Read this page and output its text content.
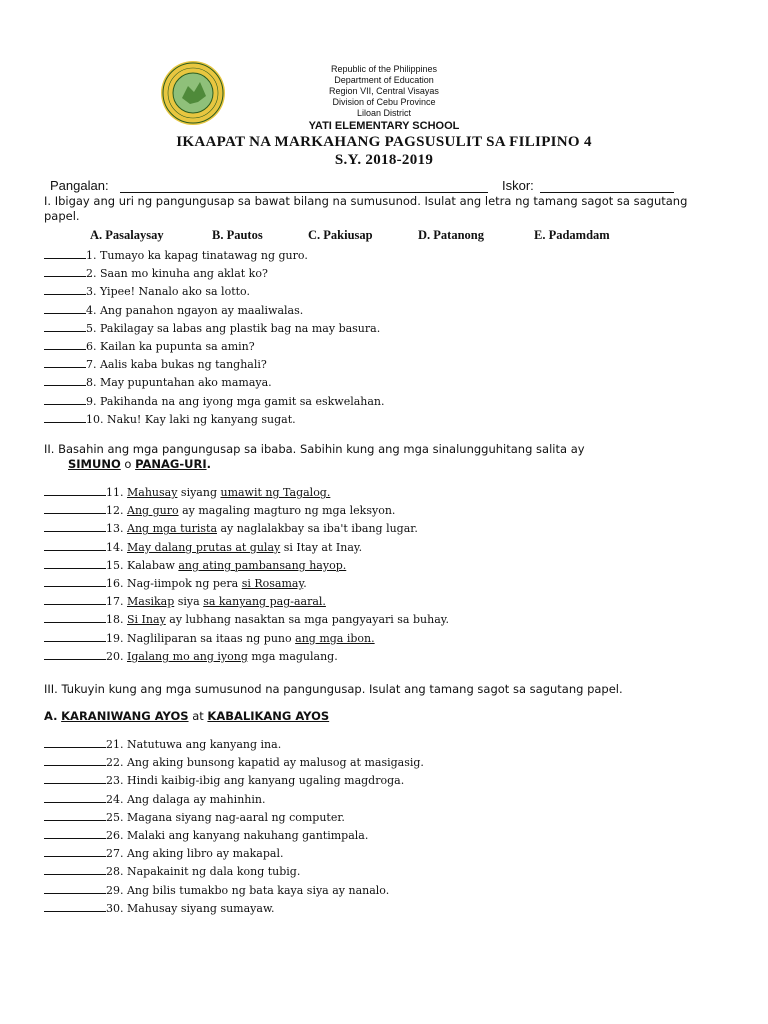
Republic of the Philippines
Department of Education
Region VII, Central Visayas
Division of Cebu Province
Liloan District
YATI ELEMENTARY SCHOOL
IKAAPAT NA MARKAHANG PAGSUSULIT SA FILIPINO 4
S.Y. 2018-2019
Pangalan:	Iskor:
I. Ibigay ang uri ng pangungusap sa bawat bilang na sumusunod. Isulat ang letra ng tamang sagot sa sagutang
papel.
A. Pasalaysay	B. Pautos	C. Pakiusap	D. Patanong	E. Padamdam
1. Tumayo ka kapag tinatawag ng guro.
2. Saan mo kinuha ang aklat ko?
3. Yipee! Nanalo ako sa lotto.
4. Ang panahon ngayon ay maaliwalas.
5. Pakilagay sa labas ang plastik bag na may basura.
6. Kailan ka pupunta sa amin?
7. Aalis kaba bukas ng tanghali?
8. May pupuntahan ako mamaya.
9. Pakihanda na ang iyong mga gamit sa eskwelahan.
10. Naku! Kay laki ng kanyang sugat.
II. Basahin ang mga pangungusap sa ibaba. Sabihin kung ang mga sinalungguhitang salita ay
SIMUNO o PANAG-URI.
11. Mahusay siyang umawit ng Tagalog.
12. Ang guro ay magaling magturo ng mga leksyon.
13. Ang mga turista ay naglalakbay sa iba't ibang lugar.
14. May dalang prutas at gulay si Itay at Inay.
15. Kalabaw ang ating pambansang hayop.
16. Nag-iimpok ng pera si Rosamay.
17. Masikap siya sa kanyang pag-aaral.
18. Si Inay ay lubhang nasaktan sa mga pangyayari sa buhay.
19. Nagliliparan sa itaas ng puno ang mga ibon.
20. Igalang mo ang iyong mga magulang.
III. Tukuyin kung ang mga sumusunod na pangungusap. Isulat ang tamang sagot sa sagutang papel.
A. KARANIWANG AYOS at KABALIKANG AYOS
21. Natutuwa ang kanyang ina.
22. Ang aking bunsong kapatid ay malusog at masigasig.
23. Hindi kaibig-ibig ang kanyang ugaling magdroga.
24. Ang dalaga ay mahinhin.
25. Magana siyang nag-aaral ng computer.
26. Malaki ang kanyang nakuhang gantimpala.
27. Ang aking libro ay makapal.
28. Napakainit ng dala kong tubig.
29. Ang bilis tumakbo ng bata kaya siya ay nanalo.
30. Mahusay siyang sumayaw.
